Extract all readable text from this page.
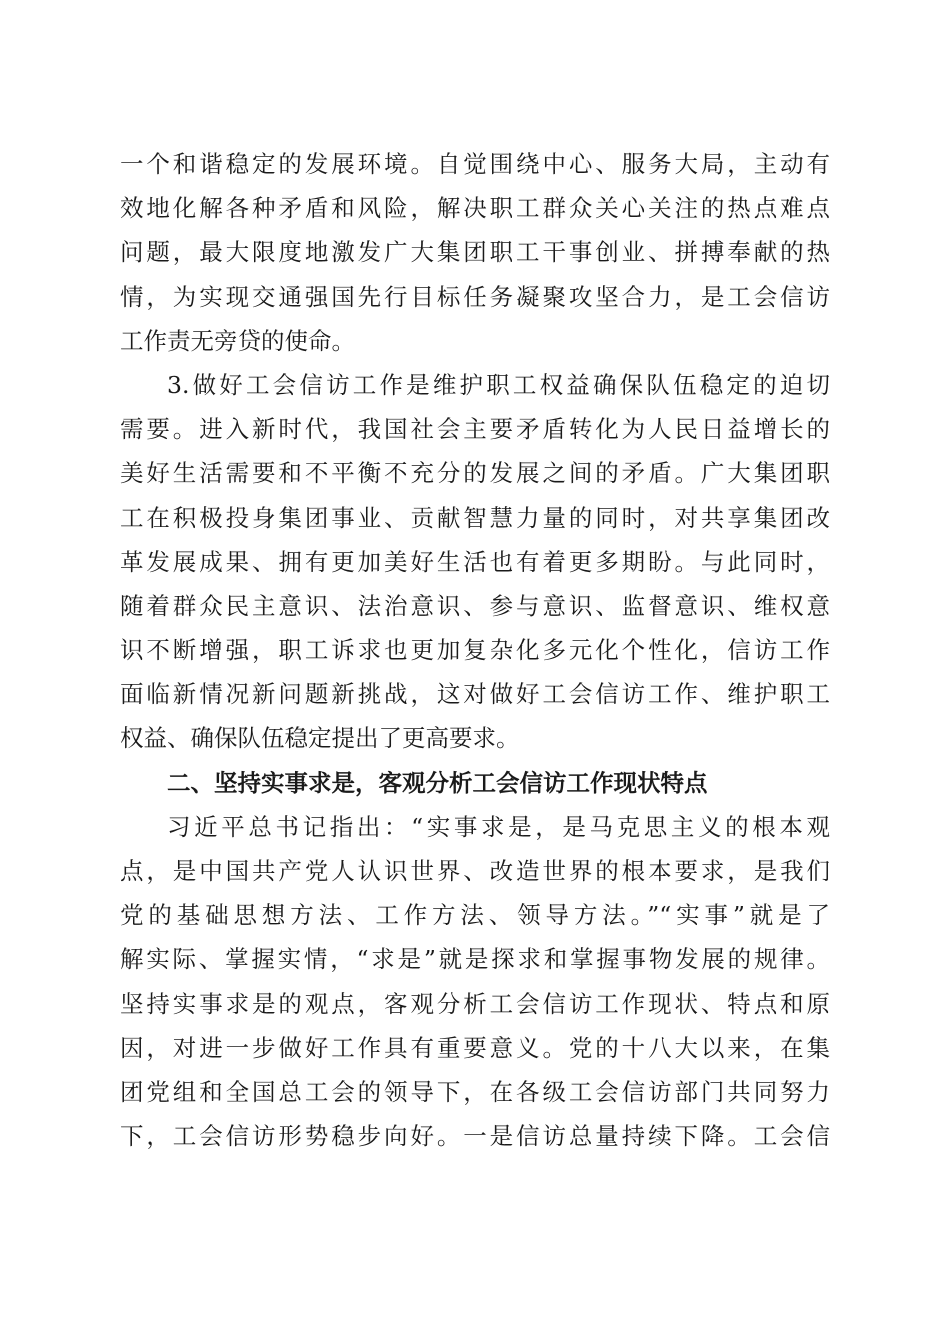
一个和谐稳定的发展环境。自觉围绕中心、服务大局，主动有
效地化解各种矛盾和风险，解决职工群众关心关注的热点难点
问题，最大限度地激发广大集团职工干事创业、拼搏奉献的热
情，为实现交通强国先行目标任务凝聚攻坚合力，是工会信访
工作责无旁贷的使命。
3.做好工会信访工作是维护职工权益确保队伍稳定的迫切
需要。进入新时代，我国社会主要矛盾转化为人民日益增长的
美好生活需要和不平衡不充分的发展之间的矛盾。广大集团职
工在积极投身集团事业、贡献智慧力量的同时，对共享集团改
革发展成果、拥有更加美好生活也有着更多期盼。与此同时，
随着群众民主意识、法治意识、参与意识、监督意识、维权意
识不断增强，职工诉求也更加复杂化多元化个性化，信访工作
面临新情况新问题新挑战，这对做好工会信访工作、维护职工
权益、确保队伍稳定提出了更高要求。
二、坚持实事求是，客观分析工会信访工作现状特点
习近平总书记指出：“实事求是，是马克思主义的根本观
点，是中国共产党人认识世界、改造世界的根本要求，是我们
党的基础思想方法、工作方法、领导方法。”“实事”就是了
解实际、掌握实情，“求是”就是探求和掌握事物发展的规律。
坚持实事求是的观点，客观分析工会信访工作现状、特点和原
因，对进一步做好工作具有重要意义。党的十八大以来，在集
团党组和全国总工会的领导下，在各级工会信访部门共同努力
下，工会信访形势稳步向好。一是信访总量持续下降。工会信
